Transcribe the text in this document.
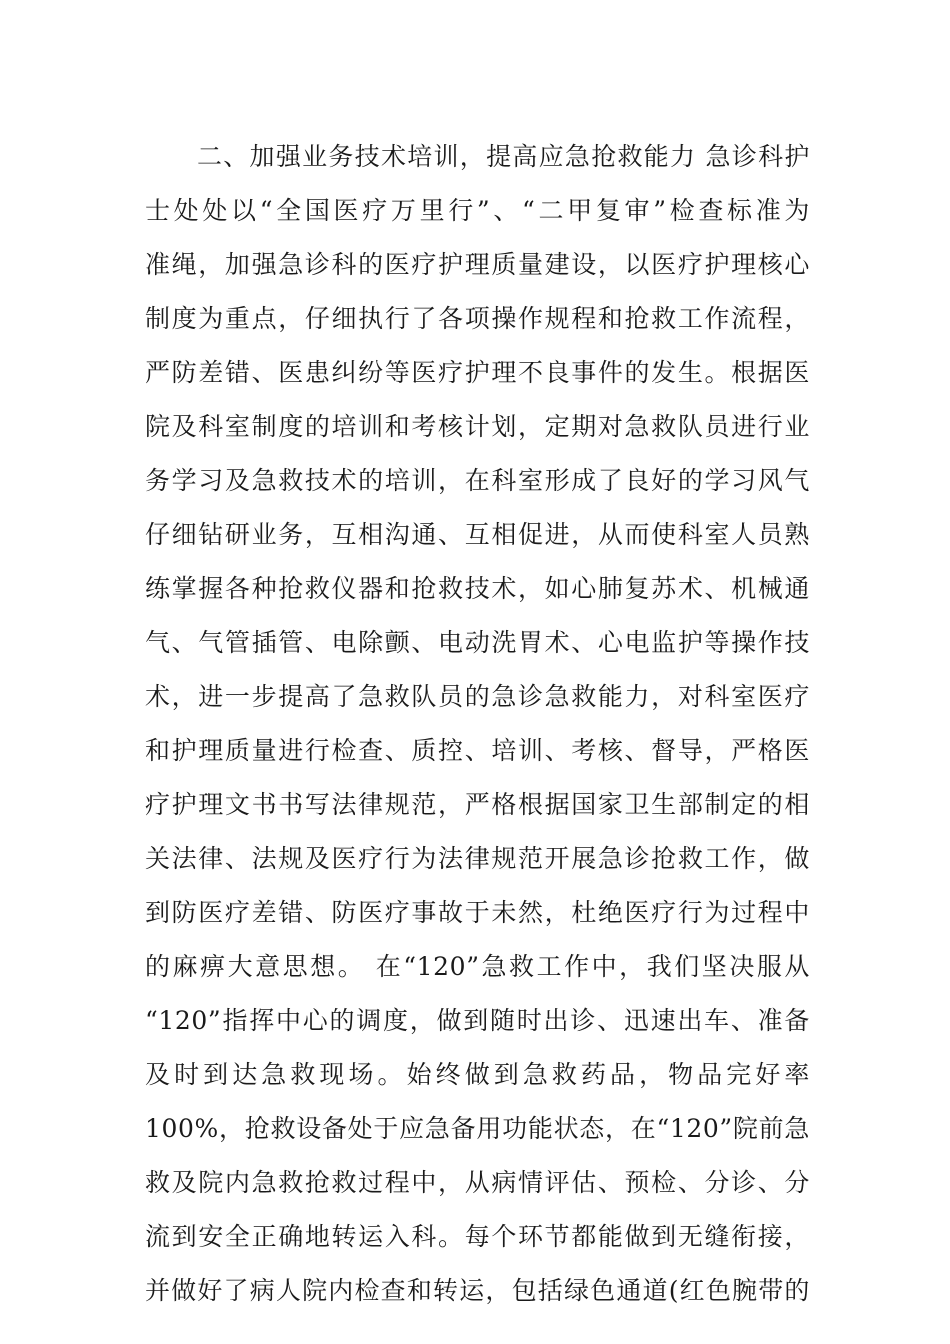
二、加强业务技术培训，提高应急抢救能力 急诊科护
士处处以“全国医疗万里行”、“二甲复审”检查标准为
准绳，加强急诊科的医疗护理质量建设，以医疗护理核心
制度为重点，仔细执行了各项操作规程和抢救工作流程，
严防差错、医患纠纷等医疗护理不良事件的发生。根据医
院及科室制度的培训和考核计划，定期对急救队员进行业
务学习及急救技术的培训，在科室形成了良好的学习风气
仔细钻研业务，互相沟通、互相促进，从而使科室人员熟
练掌握各种抢救仪器和抢救技术，如心肺复苏术、机械通
气、气管插管、电除颤、电动洗胃术、心电监护等操作技
术，进一步提高了急救队员的急诊急救能力，对科室医疗
和护理质量进行检查、质控、培训、考核、督导，严格医
疗护理文书书写法律规范，严格根据国家卫生部制定的相
关法律、法规及医疗行为法律规范开展急诊抢救工作，做
到防医疗差错、防医疗事故于未然，杜绝医疗行为过程中
的麻痹大意思想。 在“120”急救工作中，我们坚决服从
“120”指挥中心的调度，做到随时出诊、迅速出车、准备
及时到达急救现场。始终做到急救药品，物品完好率
100%，抢救设备处于应急备用功能状态，在“120”院前急
救及院内急救抢救过程中，从病情评估、预检、分诊、分
流到安全正确地转运入科。每个环节都能做到无缝衔接，
并做好了病人院内检查和转运，包括绿色通道(红色腕带的
